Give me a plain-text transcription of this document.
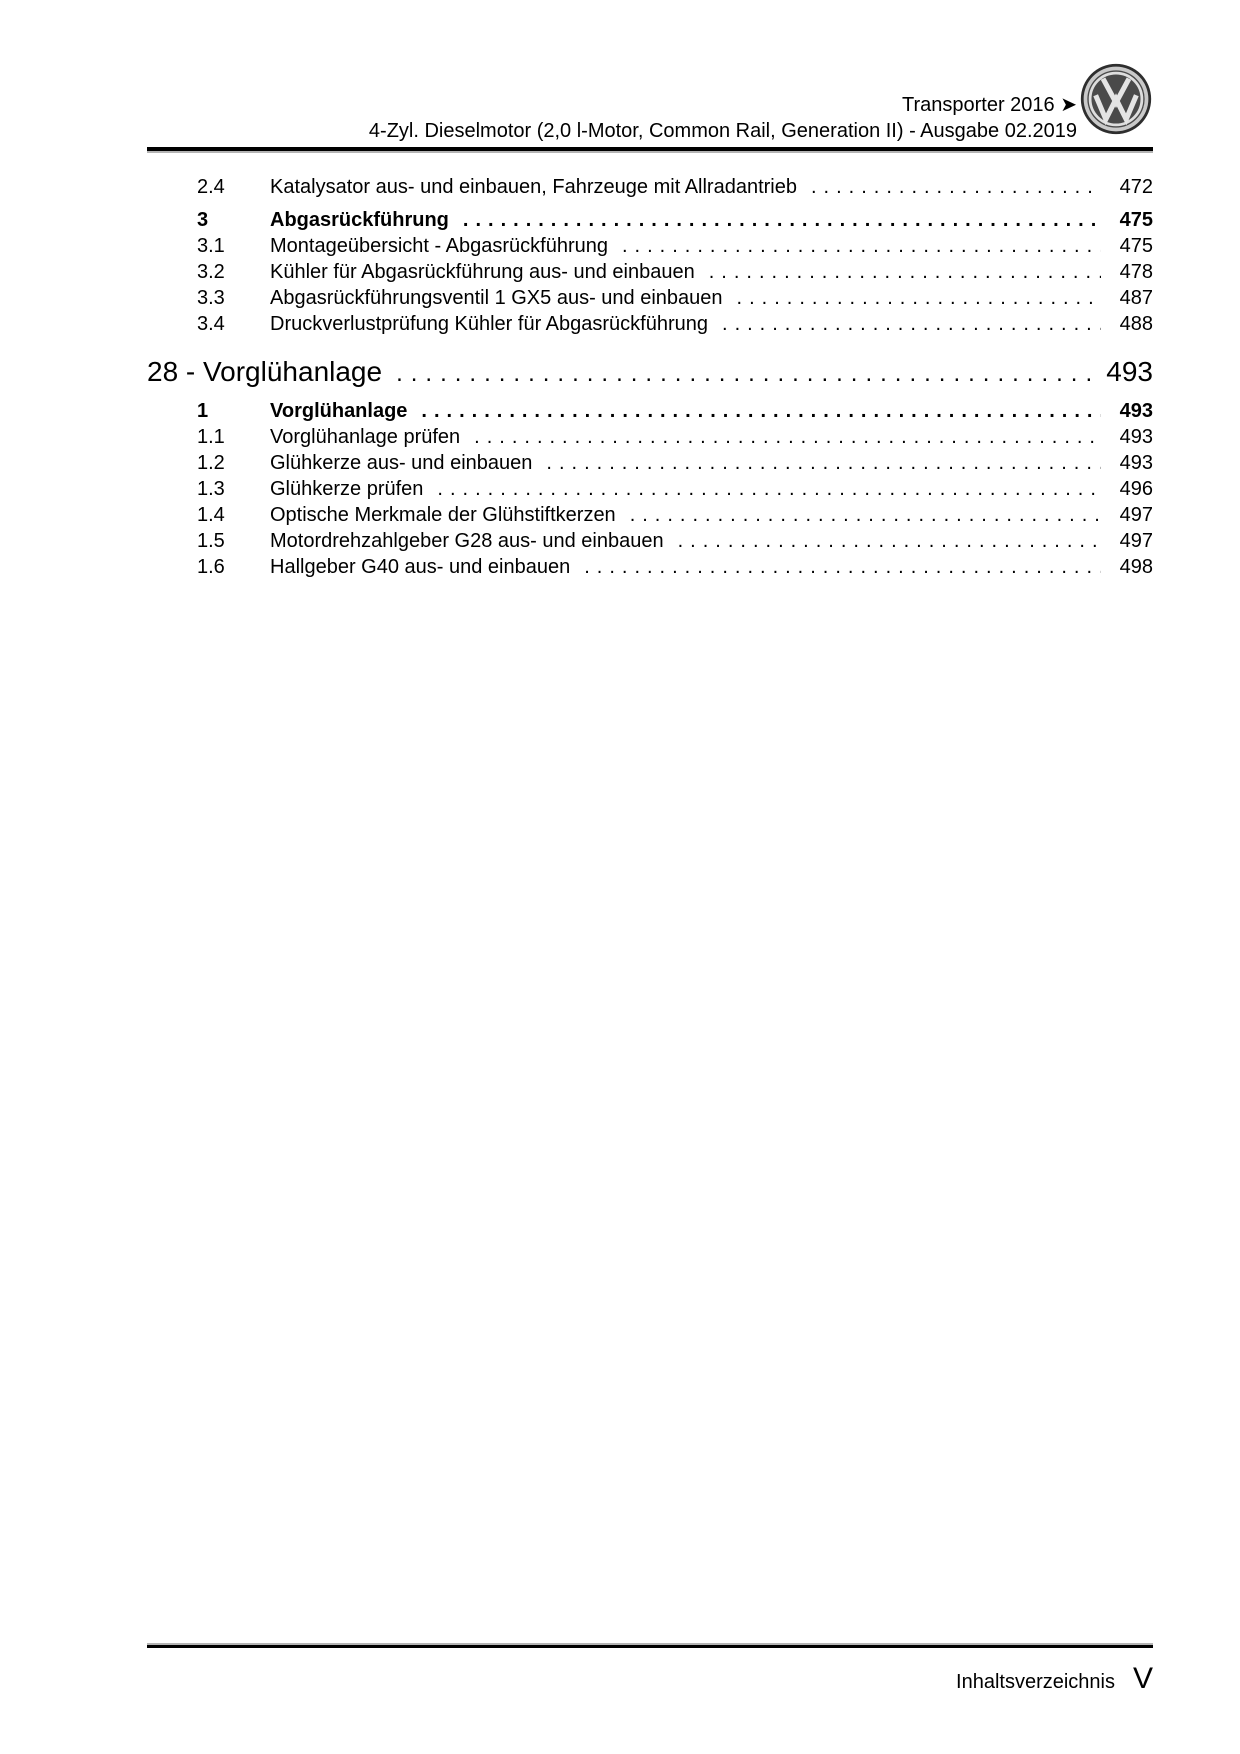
Transporter 2016 ➤
4-Zyl. Dieselmotor (2,0 l-Motor, Common Rail, Generation II) - Ausgabe 02.2019
2.4	Katalysator aus- und einbauen, Fahrzeuge mit Allradantrieb .....	472
3	Abgasrückführung .....	475
3.1	Montageübersicht - Abgasrückführung .....	475
3.2	Kühler für Abgasrückführung aus- und einbauen .....	478
3.3	Abgasrückführungsventil 1 GX5 aus- und einbauen .....	487
3.4	Druckverlustprüfung Kühler für Abgasrückführung .....	488
28 - Vorglühanlage .....	493
1	Vorglühanlage .....	493
1.1	Vorglühanlage prüfen .....	493
1.2	Glühkerze aus- und einbauen .....	493
1.3	Glühkerze prüfen .....	496
1.4	Optische Merkmale der Glühstiftkerzen .....	497
1.5	Motordrehzahlgeber G28 aus- und einbauen .....	497
1.6	Hallgeber G40 aus- und einbauen .....	498
Inhaltsverzeichnis V
